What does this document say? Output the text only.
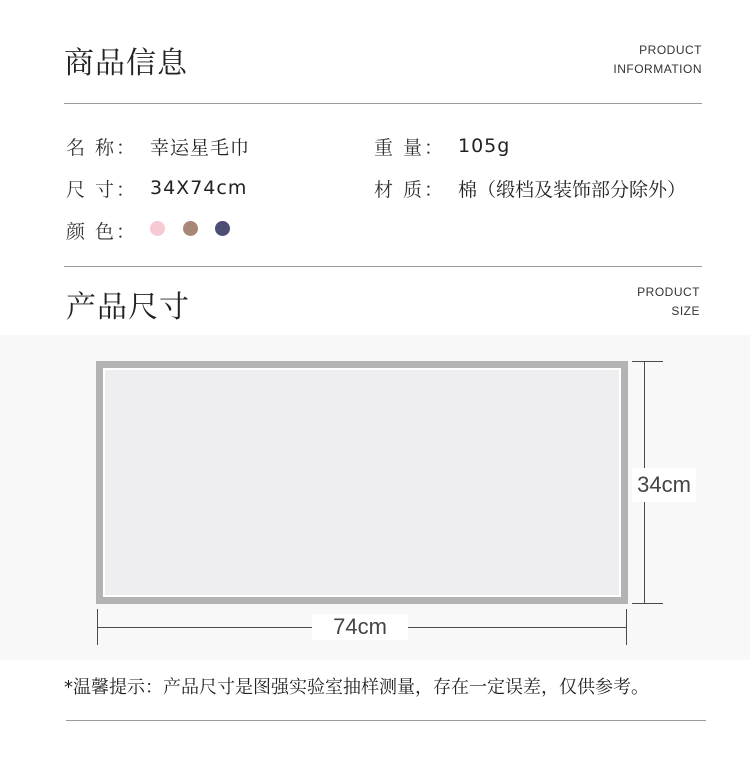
商品信息	PRODUCT
INFORMATION
名 称： 幸运星毛巾	重 量： 105g
尺 寸： 34X74cm	材 质： 棉（缎档及装饰部分除外）
颜 色：
产品尺寸	PRODUCT
SIZE
34cm
74cm
*温馨提示：产品尺寸是图强实验室抽样测量，存在一定误差，仅供参考。
